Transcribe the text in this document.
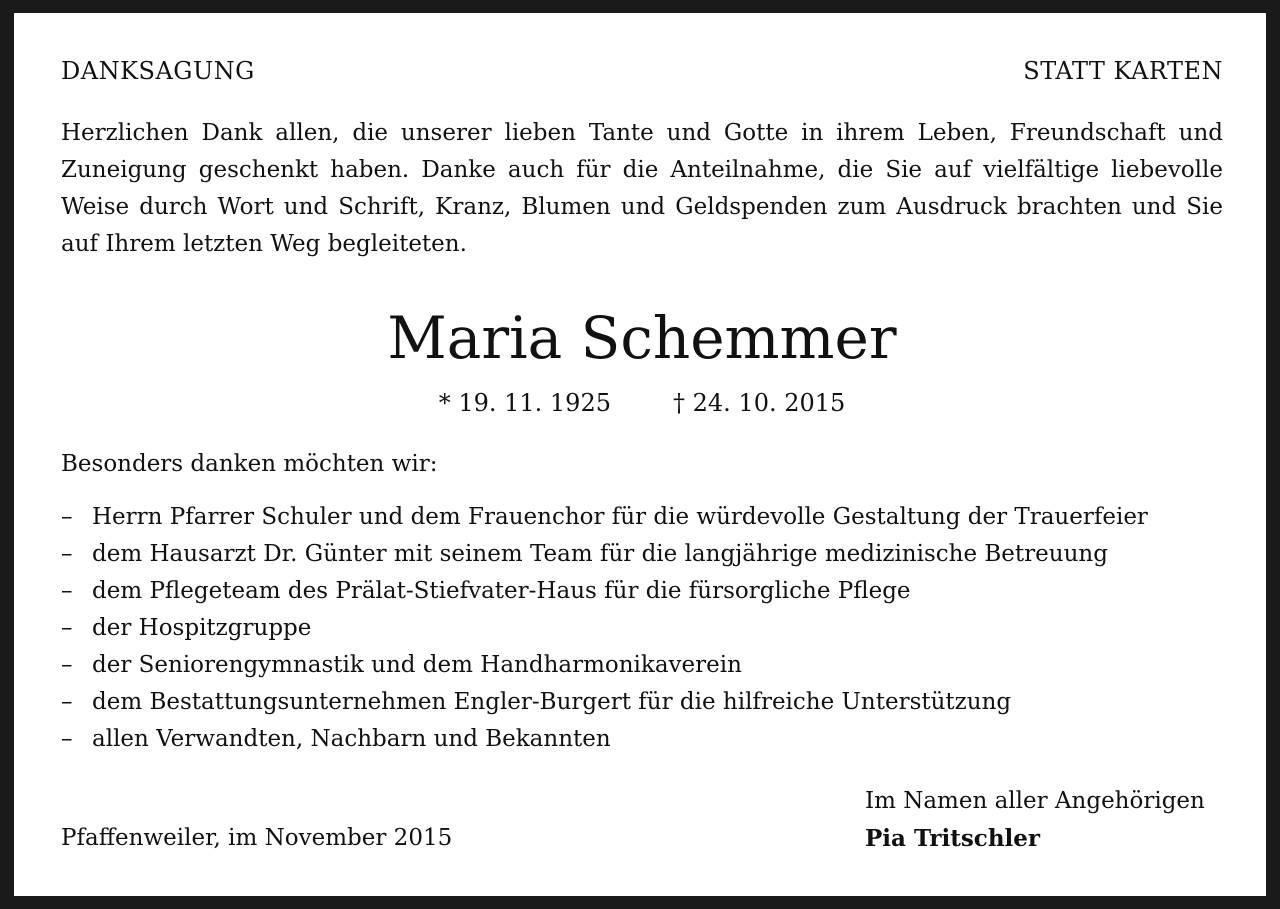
DANKSAGUNG	STATT KARTEN

Herzlichen Dank allen, die unserer lieben Tante und Gotte in ihrem Leben, Freundschaft und Zuneigung geschenkt haben. Danke auch für die Anteilnahme, die Sie auf vielfältige liebevolle Weise durch Wort und Schrift, Kranz, Blumen und Geldspenden zum Ausdruck brachten und Sie auf Ihrem letzten Weg begleiteten.

Maria Schemmer
* 19. 11. 1925	† 24. 10. 2015
Besonders danken möchten wir:
– Herrn Pfarrer Schuler und dem Frauenchor für die würdevolle Gestaltung der Trauerfeier
– dem Hausarzt Dr. Günter mit seinem Team für die langjährige medizinische Betreuung
– dem Pflegeteam des Prälat-Stiefvater-Haus für die fürsorgliche Pflege
– der Hospitzgruppe
– der Seniorengymnastik und dem Handharmonikaverein
– dem Bestattungsunternehmen Engler-Burgert für die hilfreiche Unterstützung
– allen Verwandten, Nachbarn und Bekannten
Im Namen aller Angehörigen
Pia Tritschler
Pfaffenweiler, im November 2015
